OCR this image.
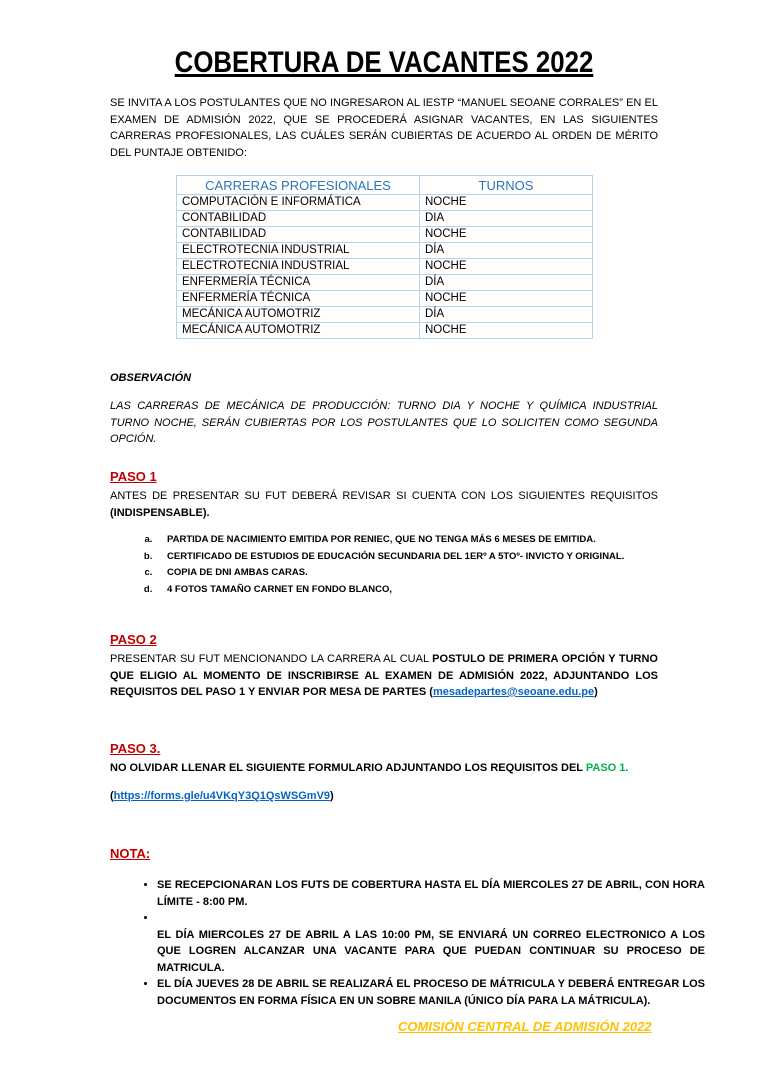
COBERTURA DE VACANTES 2022
SE INVITA A LOS POSTULANTES QUE NO INGRESARON AL IESTP “MANUEL SEOANE CORRALES” EN EL EXAMEN DE ADMISIÓN 2022, QUE SE PROCEDERÁ ASIGNAR VACANTES, EN LAS SIGUIENTES CARRERAS PROFESIONALES, LAS CUÁLES SERÁN CUBIERTAS DE ACUERDO AL ORDEN DE MÉRITO DEL PUNTAJE OBTENIDO:
CARRERAS PROFESIONALES	TURNOS
COMPUTACIÓN E INFORMÁTICA	NOCHE
CONTABILIDAD	DIA
CONTABILIDAD	NOCHE
ELECTROTECNIA INDUSTRIAL	DÍA
ELECTROTECNIA INDUSTRIAL	NOCHE
ENFERMERÍA TÉCNICA	DÍA
ENFERMERÍA TÉCNICA	NOCHE
MECÁNICA AUTOMOTRIZ	DÍA
MECÁNICA AUTOMOTRIZ	NOCHE
OBSERVACIÓN
LAS CARRERAS DE MECÁNICA DE PRODUCCIÓN: TURNO DIA Y NOCHE Y QUÍMICA INDUSTRIAL TURNO NOCHE, SERÁN CUBIERTAS POR LOS POSTULANTES QUE LO SOLICITEN COMO SEGUNDA OPCIÓN.
PASO 1
ANTES DE PRESENTAR SU FUT DEBERÁ REVISAR SI CUENTA CON LOS SIGUIENTES REQUISITOS (INDISPENSABLE).
a. PARTIDA DE NACIMIENTO EMITIDA POR RENIEC, QUE NO TENGA MÁS 6 MESES DE EMITIDA.
b. CERTIFICADO DE ESTUDIOS DE EDUCACIÓN SECUNDARIA DEL 1ERº A 5TOº- INVICTO Y ORIGINAL.
c. COPIA DE DNI AMBAS CARAS.
d. 4 FOTOS TAMAÑO CARNET EN FONDO BLANCO,
PASO 2
PRESENTAR SU FUT MENCIONANDO LA CARRERA AL CUAL POSTULO DE PRIMERA OPCIÓN Y TURNO QUE ELIGIO AL MOMENTO DE INSCRIBIRSE AL EXAMEN DE ADMISIÓN 2022, ADJUNTANDO LOS REQUISITOS DEL PASO 1 Y ENVIAR POR MESA DE PARTES (mesadepartes@seoane.edu.pe)
PASO 3.
NO OLVIDAR LLENAR EL SIGUIENTE FORMULARIO ADJUNTANDO LOS REQUISITOS DEL PASO 1.
(https://forms.gle/u4VKqY3Q1QsWSGmV9)
NOTA:
• SE RECEPCIONARAN LOS FUTS DE COBERTURA HASTA EL DÍA MIERCOLES 27 DE ABRIL, CON HORA LÍMITE - 8:00 PM.
•
EL DÍA MIERCOLES 27 DE ABRIL A LAS 10:00 PM, SE ENVIARÁ UN CORREO ELECTRONICO A LOS QUE LOGREN ALCANZAR UNA VACANTE PARA QUE PUEDAN CONTINUAR SU PROCESO DE MATRICULA.
• EL DÍA JUEVES 28 DE ABRIL SE REALIZARÁ EL PROCESO DE MÁTRICULA Y DEBERÁ ENTREGAR LOS DOCUMENTOS EN FORMA FÍSICA EN UN SOBRE MANILA (ÚNICO DÍA PARA LA MÁTRICULA).
COMISIÓN CENTRAL DE ADMISIÓN 2022
